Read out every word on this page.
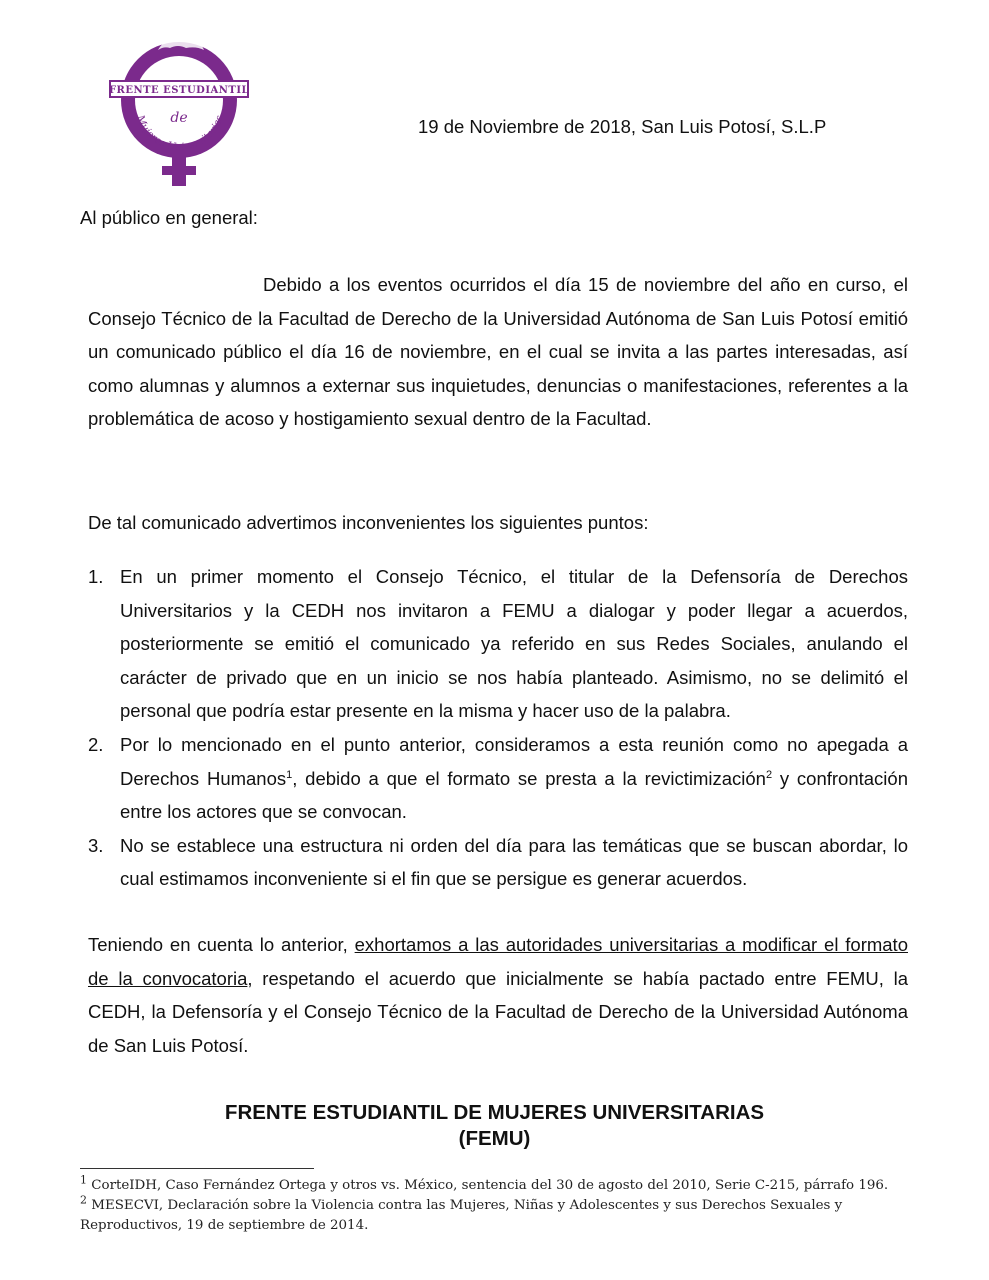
FRENTE ESTUDIANTIL
de
Mujeres Universitarias	19 de Noviembre de 2018, San Luis Potosí, S.L.P
Al público en general:
Debido a los eventos ocurridos el día 15 de noviembre del año en curso, el Consejo Técnico de la Facultad de Derecho de la Universidad Autónoma de San Luis Potosí emitió un comunicado público el día 16 de noviembre, en el cual se invita a las partes interesadas, así como alumnas y alumnos a externar sus inquietudes, denuncias o manifestaciones, referentes a la problemática de acoso y hostigamiento sexual dentro de la Facultad.
De tal comunicado advertimos inconvenientes los siguientes puntos:
1. En un primer momento el Consejo Técnico, el titular de la Defensoría de Derechos Universitarios y la CEDH nos invitaron a FEMU a dialogar y poder llegar a acuerdos, posteriormente se emitió el comunicado ya referido en sus Redes Sociales, anulando el carácter de privado que en un inicio se nos había planteado. Asimismo, no se delimitó el personal que podría estar presente en la misma y hacer uso de la palabra.
2. Por lo mencionado en el punto anterior, consideramos a esta reunión como no apegada a Derechos Humanos$^1$, debido a que el formato se presta a la revictimización$^2$ y confrontación entre los actores que se convocan.
3. No se establece una estructura ni orden del día para las temáticas que se buscan abordar, lo cual estimamos inconveniente si el fin que se persigue es generar acuerdos.
Teniendo en cuenta lo anterior, exhortamos a las autoridades universitarias a modificar el formato de la convocatoria, respetando el acuerdo que inicialmente se había pactado entre FEMU, la CEDH, la Defensoría y el Consejo Técnico de la Facultad de Derecho de la Universidad Autónoma de San Luis Potosí.
FRENTE ESTUDIANTIL DE MUJERES UNIVERSITARIAS
(FEMU)

$^1$ CorteIDH, Caso Fernández Ortega y otros vs. México, sentencia del 30 de agosto del 2010, Serie C-215, párrafo 196.

$^2$ MESECVI, Declaración sobre la Violencia contra las Mujeres, Niñas y Adolescentes y sus Derechos Sexuales y Reproductivos, 19 de septiembre de 2014.
